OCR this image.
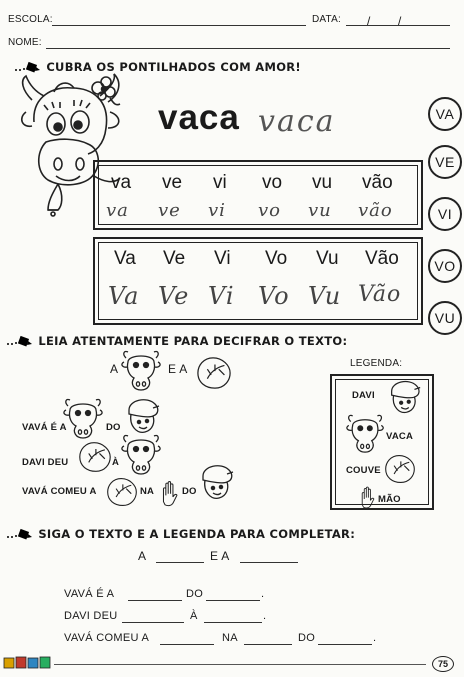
ESCOLA:	DATA: / /
NOME:
CUBRA OS PONTILHADOS COM AMOR!
vaca vaca
va ve vi vo vu vão
va ve vi vo vu vão
Va Ve Vi Vo Vu Vão
Va Ve Vi Vo Vu Vão
VA
VE
VI
VO
VU
LEIA ATENTAMENTE PARA DECIFRAR O TEXTO:
A	E A
VAVÁ É A	DO
DAVI DEU	À
VAVÁ COMEU A	NA	DO
LEGENDA:
DAVI
VACA
COUVE
MÃO
SIGA O TEXTO E A LEGENDA PARA COMPLETAR:
A	E A
VAVÁ É A	DO	.
DAVI DEU	À	.
VAVÁ COMEU A	NA	DO	.
75
